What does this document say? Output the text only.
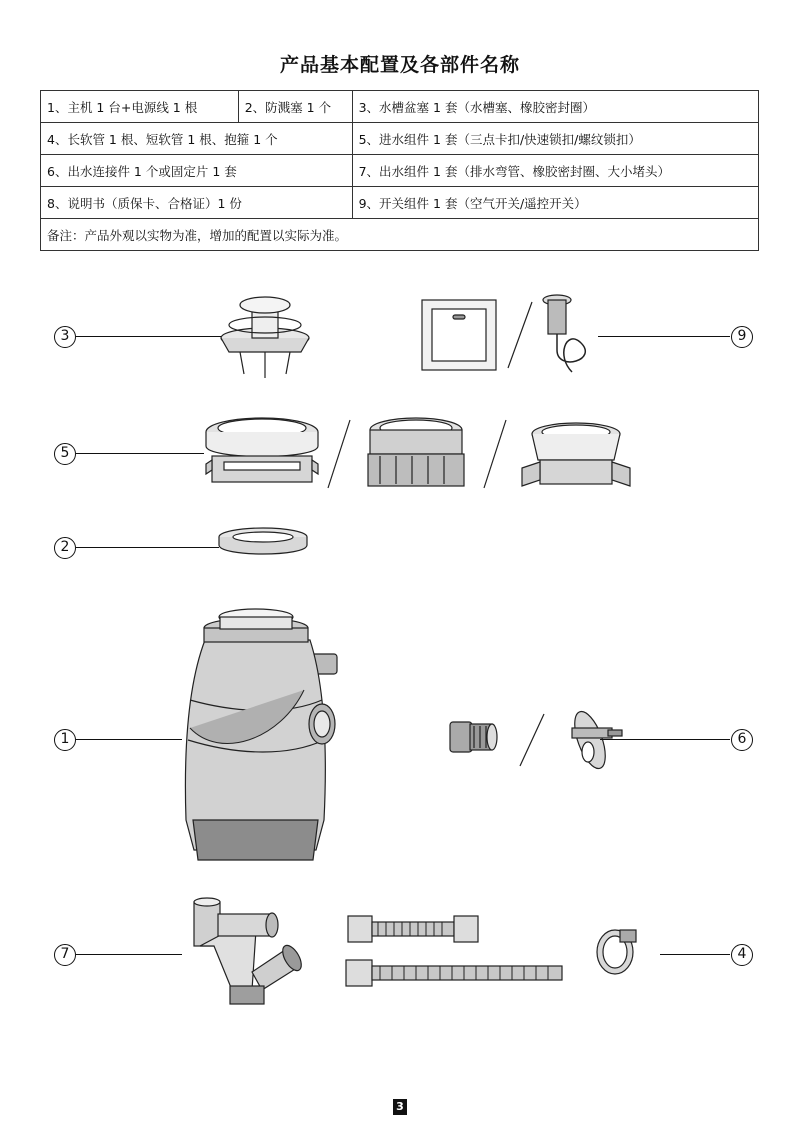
产品基本配置及各部件名称
1、主机 1 台+电源线 1 根	2、防溅塞 1 个	3、水槽盆塞 1 套（水槽塞、橡胶密封圈）
4、长软管 1 根、短软管 1 根、抱箍 1 个		5、进水组件 1 套（三点卡扣/快速锁扣/螺纹锁扣）
6、出水连接件 1 个或固定片 1 套		7、出水组件 1 套（排水弯管、橡胶密封圈、大小堵头）
8、说明书（质保卡、合格证）1 份		9、开关组件 1 套（空气开关/遥控开关）
备注：产品外观以实物为准，增加的配置以实际为准。		
3	9
5
2
1	6
7	4
3
